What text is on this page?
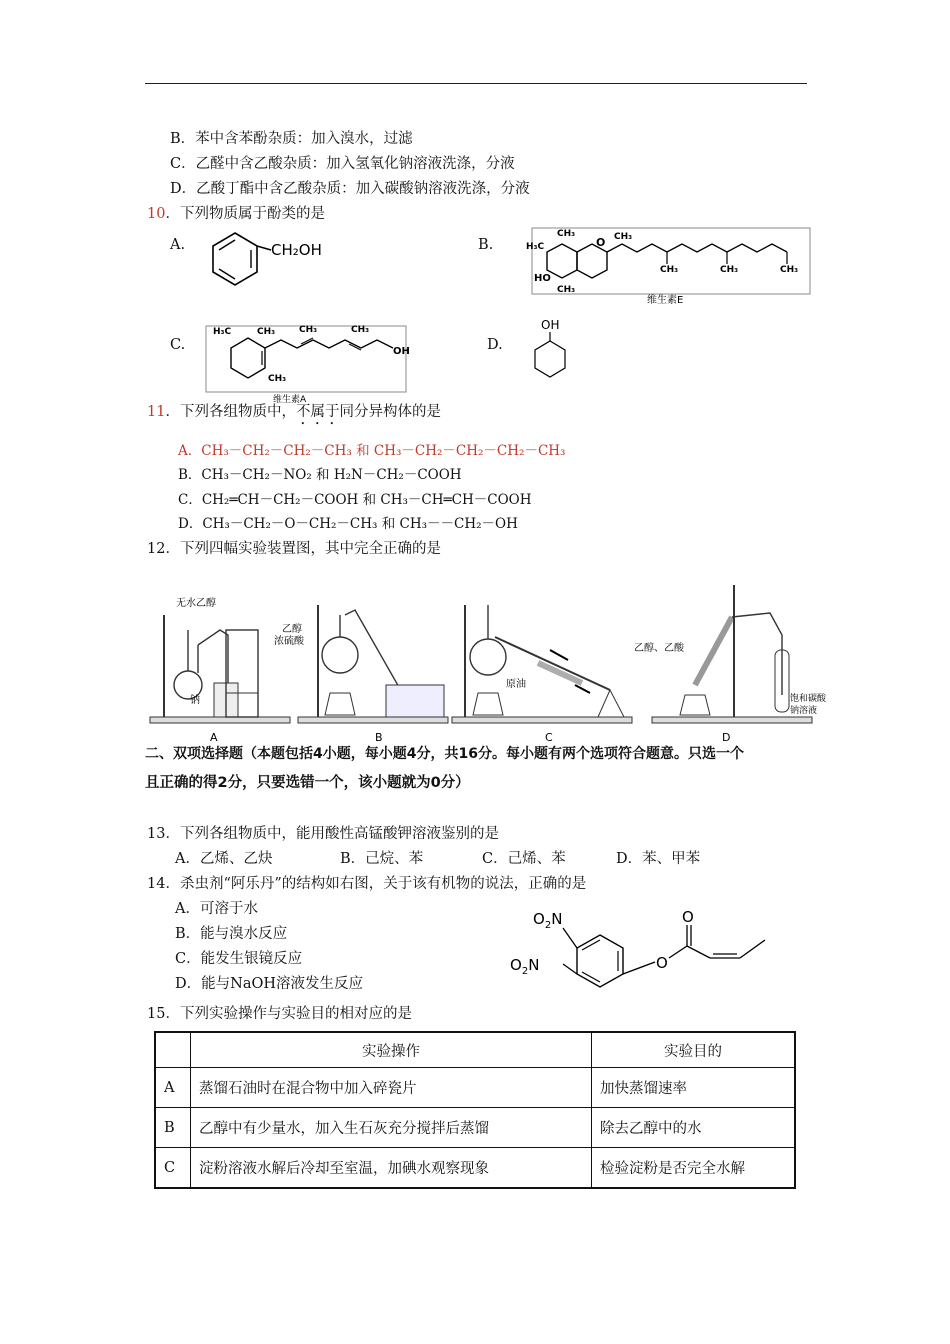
B．苯中含苯酚杂质：加入溴水，过滤
C．乙醛中含乙酸杂质：加入氢氧化钠溶液洗涤，分液
D．乙酸丁酯中含乙酸杂质：加入碳酸钠溶液洗涤，分液
10．下列物质属于酚类的是
A.	B.
C.	D.
CH₂OH
CH₃
H₃C
CH₃
CH₃	CH₃	CH₃
CH₃
O
HO
维生素E
H₃C	CH₃	CH₃	CH₃
CH₃
OH
维生素A
OH
11．下列各组物质中，不属于同分异构体的是
A．CH₃－CH₂－CH₂－CH₃ 和 CH₃－CH₂－CH₂－CH₂－CH₃
B．CH₃－CH₂－NO₂ 和 H₂N－CH₂－COOH
C．CH₂═CH－CH₂－COOH 和 CH₃－CH═CH－COOH
D．CH₃－CH₂－O－CH₂－CH₃ 和 CH₃－－CH₂－OH
12．下列四幅实验装置图，其中完全正确的是
无水乙醇
钠
乙醇
浓硫酸
原油
乙醇、乙酸
饱和碳酸
钠溶液
A	B	C	D
二、双项选择题（本题包括4小题，每小题4分，共16分。每小题有两个选项符合题意。只选一个
且正确的得2分，只要选错一个，该小题就为0分）
13．下列各组物质中，能用酸性高锰酸钾溶液鉴别的是
A．乙烯、乙炔	B．己烷、苯	C．己烯、苯	D．苯、甲苯
14．杀虫剂“阿乐丹”的结构如右图，关于该有机物的说法，正确的是
A．可溶于水
B．能与溴水反应
C．能发生银镜反应
D．能与NaOH溶液发生反应
$O_2N$
$O_2N$	O
O
15．下列实验操作与实验目的相对应的是
	实验操作	实验目的
A	蒸馏石油时在混合物中加入碎瓷片	加快蒸馏速率
B	乙醇中有少量水，加入生石灰充分搅拌后蒸馏	除去乙醇中的水
C	淀粉溶液水解后冷却至室温，加碘水观察现象	检验淀粉是否完全水解
